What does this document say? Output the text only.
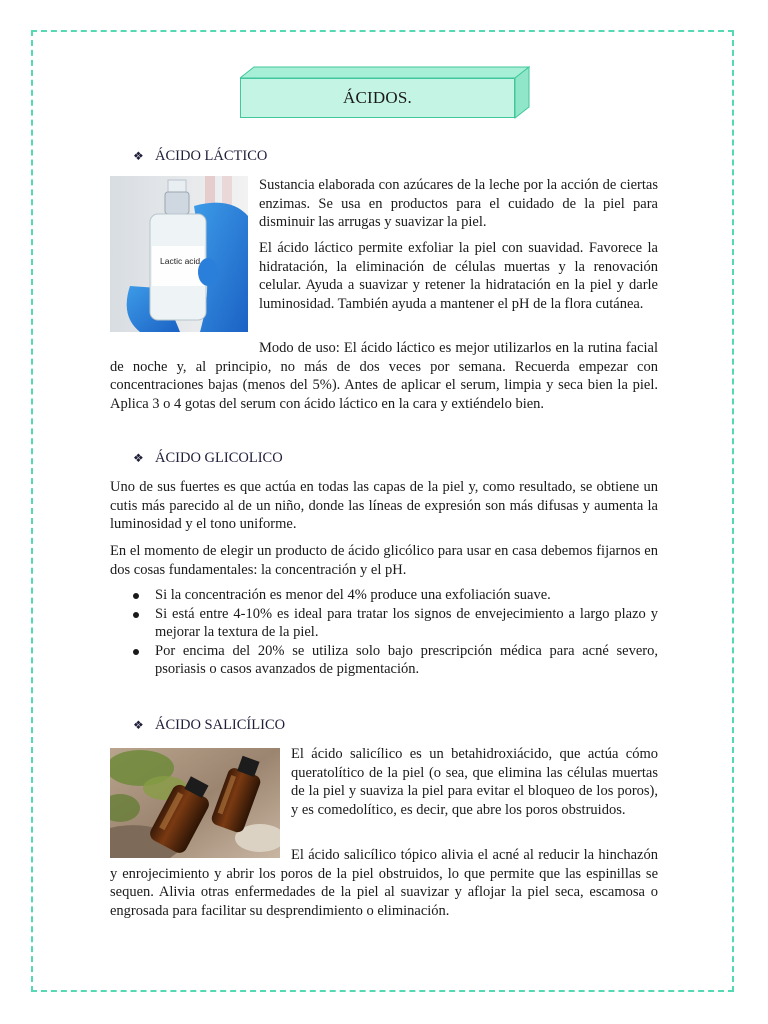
ÁCIDOS.
❖ ÁCIDO LÁCTICO
Lactic acid

Sustancia elaborada con azúcares de la leche por la acción de ciertas enzimas. Se usa en productos para el cuidado de la piel para disminuir las arrugas y suavizar la piel.

El ácido láctico permite exfoliar la piel con suavidad. Favorece la hidratación, la eliminación de células muertas y la renovación celular. Ayuda a suavizar y retener la hidratación en la piel y darle luminosidad. También ayuda a mantener el pH de la flora cutánea.

Modo de uso: El ácido láctico es mejor utilizarlos en la rutina facial de noche y, al principio, no más de dos veces por semana. Recuerda empezar con concentraciones bajas (menos del 5%). Antes de aplicar el serum, limpia y seca bien la piel. Aplica 3 o 4 gotas del serum con ácido láctico en la cara y extiéndelo bien.

❖ ÁCIDO GLICOLICO

Uno de sus fuertes es que actúa en todas las capas de la piel y, como resultado, se obtiene un cutis más parecido al de un niño, donde las líneas de expresión son más difusas y aumenta la luminosidad y el tono uniforme.

En el momento de elegir un producto de ácido glicólico para usar en casa debemos fijarnos en dos cosas fundamentales: la concentración y el pH.

Si la concentración es menor del 4% produce una exfoliación suave.
Si está entre 4-10% es ideal para tratar los signos de envejecimiento a largo plazo y mejorar la textura de la piel.
Por encima del 20% se utiliza solo bajo prescripción médica para acné severo, psoriasis o casos avanzados de pigmentación.
❖ ÁCIDO SALICÍLICO

El ácido salicílico es un betahidroxiácido, que actúa cómo queratolítico de la piel (o sea, que elimina las células muertas de la piel y suaviza la piel para evitar el bloqueo de los poros), y es comedolítico, es decir, que abre los poros obstruidos.

El ácido salicílico tópico alivia el acné al reducir la hinchazón y enrojecimiento y abrir los poros de la piel obstruidos, lo que permite que las espinillas se sequen. Alivia otras enfermedades de la piel al suavizar y aflojar la piel seca, escamosa o engrosada para facilitar su desprendimiento o eliminación.
